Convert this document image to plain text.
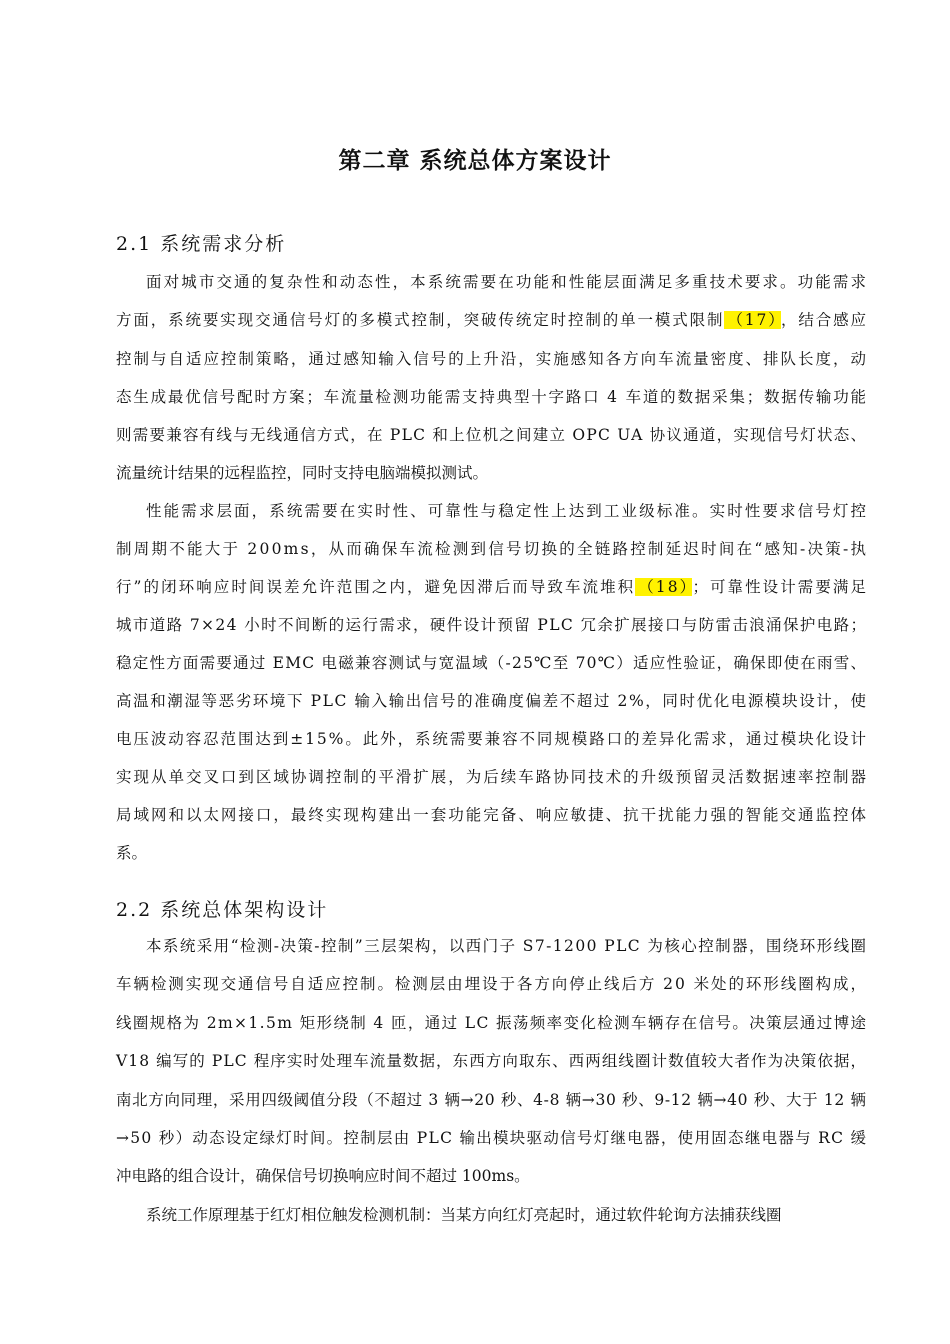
第二章 系统总体方案设计
2.1 系统需求分析
2.2 系统总体架构设计
面对城市交通的复杂性和动态性，本系统需要在功能和性能层面满足多重技术要求。功能需求
方面，系统要实现交通信号灯的多模式控制，突破传统定时控制的单一模式限制 （17） ，结合感应
控制与自适应控制策略，通过感知输入信号的上升沿，实施感知各方向车流量密度、排队长度，动
态生成最优信号配时方案；车流量检测功能需支持典型十字路口 4 车道的数据采集；数据传输功能
则需要兼容有线与无线通信方式，在 PLC 和上位机之间建立 OPC UA 协议通道，实现信号灯状态、
流量统计结果的远程监控，同时支持电脑端模拟测试。
性能需求层面，系统需要在实时性、可靠性与稳定性上达到工业级标准。实时性要求信号灯控
制周期不能大于 200ms，从而确保车流检测到信号切换的全链路控制延迟时间在“感知-决策-执
行”的闭环响应时间误差允许范围之内，避免因滞后而导致车流堆积 （18） ；可靠性设计需要满足
城市道路 7×24 小时不间断的运行需求，硬件设计预留 PLC 冗余扩展接口与防雷击浪涌保护电路；
稳定性方面需要通过 EMC 电磁兼容测试与宽温域（-25℃至 70℃）适应性验证，确保即使在雨雪、
高温和潮湿等恶劣环境下 PLC 输入输出信号的准确度偏差不超过 2%，同时优化电源模块设计，使
电压波动容忍范围达到±15%。此外，系统需要兼容不同规模路口的差异化需求，通过模块化设计
实现从单交叉口到区域协调控制的平滑扩展，为后续车路协同技术的升级预留灵活数据速率控制器
局域网和以太网接口，最终实现构建出一套功能完备、响应敏捷、抗干扰能力强的智能交通监控体
系。
本系统采用“检测-决策-控制”三层架构，以西门子 S7-1200 PLC 为核心控制器，围绕环形线圈
车辆检测实现交通信号自适应控制。检测层由埋设于各方向停止线后方 20 米处的环形线圈构成，
线圈规格为 2m×1.5m 矩形绕制 4 匝，通过 LC 振荡频率变化检测车辆存在信号。决策层通过博途
V18 编写的 PLC 程序实时处理车流量数据，东西方向取东、西两组线圈计数值较大者作为决策依据，
南北方向同理，采用四级阈值分段（不超过 3 辆→20 秒、4-8 辆→30 秒、9-12 辆→40 秒、大于 12 辆
→50 秒）动态设定绿灯时间。控制层由 PLC 输出模块驱动信号灯继电器，使用固态继电器与 RC 缓
冲电路的组合设计，确保信号切换响应时间不超过 100ms。
系统工作原理基于红灯相位触发检测机制：当某方向红灯亮起时，通过软件轮询方法捕获线圈
